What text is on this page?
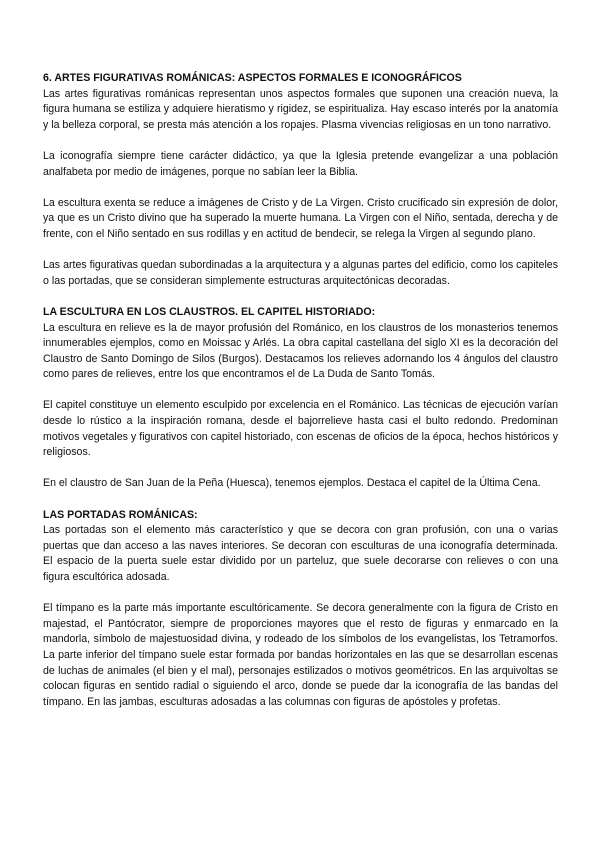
6. ARTES FIGURATIVAS ROMÁNICAS: ASPECTOS FORMALES E ICONOGRÁFICOS

Las artes figurativas románicas representan unos aspectos formales que suponen una creación nueva, la figura humana se estiliza y adquiere hieratismo y rigidez, se espiritualiza. Hay escaso interés por la anatomía y la belleza corporal, se presta más atención a los ropajes. Plasma vivencias religiosas en un tono narrativo.

La iconografía siempre tiene carácter didáctico, ya que la Iglesia pretende evangelizar a una población analfabeta por medio de imágenes, porque no sabían leer la Biblia.

La escultura exenta se reduce a imágenes de Cristo y de La Virgen. Cristo crucificado sin expresión de dolor, ya que es un Cristo divino que ha superado la muerte humana. La Virgen con el Niño, sentada, derecha y de frente, con el Niño sentado en sus rodillas y en actitud de bendecir, se relega la Virgen al segundo plano.

Las artes figurativas quedan subordinadas a la arquitectura y a algunas partes del edificio, como los capiteles o las portadas, que se consideran simplemente estructuras arquitectónicas decoradas.

LA ESCULTURA EN LOS CLAUSTROS. EL CAPITEL HISTORIADO:

La escultura en relieve es la de mayor profusión del Románico, en los claustros de los monasterios tenemos innumerables ejemplos, como en Moissac y Arlés. La obra capital castellana del siglo XI es la decoración del Claustro de Santo Domingo de Silos (Burgos). Destacamos los relieves adornando los 4 ángulos del claustro como pares de relieves, entre los que encontramos el de La Duda de Santo Tomás.

El capitel constituye un elemento esculpido por excelencia en el Románico. Las técnicas de ejecución varían desde lo rústico a la inspiración romana, desde el bajorrelieve hasta casi el bulto redondo. Predominan motivos vegetales y figurativos con capitel historiado, con escenas de oficios de la época, hechos históricos y religiosos.

En el claustro de San Juan de la Peña (Huesca), tenemos ejemplos. Destaca el capitel de la Última Cena.

LAS PORTADAS ROMÁNICAS:

Las portadas son el elemento más característico y que se decora con gran profusión, con una o varias puertas que dan acceso a las naves interiores. Se decoran con esculturas de una iconografía determinada. El espacio de la puerta suele estar dividido por un parteluz, que suele decorarse con relieves o con una figura escultórica adosada.

El tímpano es la parte más importante escultóricamente. Se decora generalmente con la figura de Cristo en majestad, el Pantócrator, siempre de proporciones mayores que el resto de figuras y enmarcado en la mandorla, símbolo de majestuosidad divina, y rodeado de los símbolos de los evangelistas, los Tetramorfos. La parte inferior del tímpano suele estar formada por bandas horizontales en las que se desarrollan escenas de luchas de animales (el bien y el mal), personajes estilizados o motivos geométricos. En las arquivoltas se colocan figuras en sentido radial o siguiendo el arco, donde se puede dar la iconografía de las bandas del tímpano. En las jambas, esculturas adosadas a las columnas con figuras de apóstoles y profetas.
